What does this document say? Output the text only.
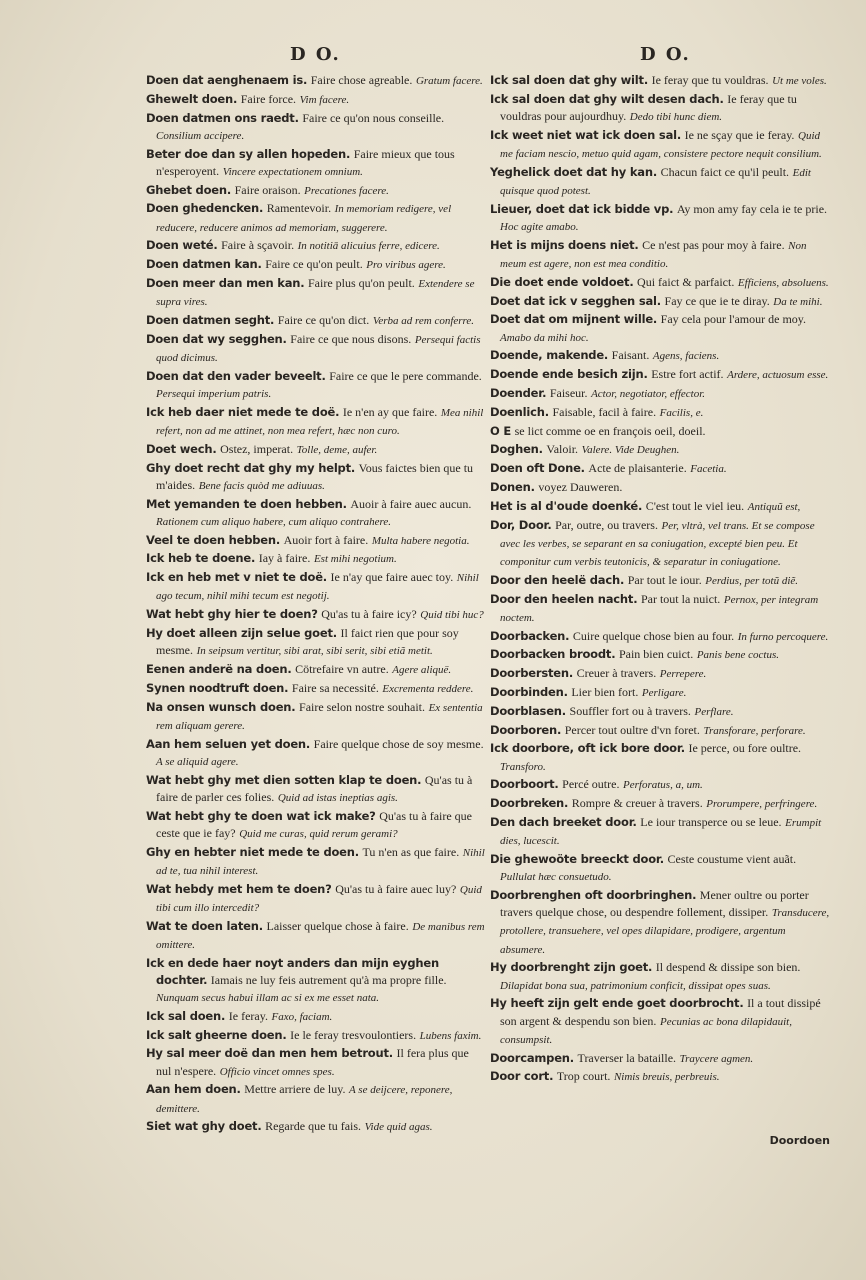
D O.	D O.
Doen dat aenghenaem is. Faire chose agreable. Gratum facere.
Ghewelt doen. Faire force. Vim facere.
Doen datmen ons raedt. Faire ce qu'on nous conseille. Consilium accipere.
Beter doe dan sy allen hopeden. Faire mieux que tous n'esperoyent. Vincere expectationem omnium.
Ghebet doen. Faire oraison. Precationes facere.
Doen ghedencken. Ramentevoir. In memoriam redigere, vel reducere, reducere animos ad memoriam, suggerere.
Doen weté. Faire à sçavoir. In notitiā alicuius ferre, edicere.
Doen datmen kan. Faire ce qu'on peult. Pro viribus agere.
Doen meer dan men kan. Faire plus qu'on peult. Extendere se supra vires.
Doen datmen seght. Faire ce qu'on dict. Verba ad rem conferre.
Doen dat wy segghen. Faire ce que nous disons. Persequi factis quod dicimus.
Doen dat den vader beveelt. Faire ce que le pere commande. Persequi imperium patris.
Ick heb daer niet mede te doë. Ie n'en ay que faire. Mea nihil refert, non ad me attinet, non mea refert, hæc non curo.
Doet wech. Ostez, imperat. Tolle, deme, aufer.
Ghy doet recht dat ghy my helpt. Vous faictes bien que tu m'aides. Bene facis quòd me adiuuas.
Met yemanden te doen hebben. Auoir à faire auec aucun. Rationem cum aliquo habere, cum aliquo contrahere.
Veel te doen hebben. Auoir fort à faire. Multa habere negotia.
Ick heb te doene. Iay à faire. Est mihi negotium.
Ick en heb met v niet te doë. Ie n'ay que faire auec toy. Nihil ago tecum, nihil mihi tecum est negotij.
Wat hebt ghy hier te doen? Qu'as tu à faire icy? Quid tibi huc?
Hy doet alleen zijn selue goet. Il faict rien que pour soy mesme. In seipsum vertitur, sibi arat, sibi serit, sibi etiã metit.
Eenen anderë na doen. Cötrefaire vn autre. Agere aliquë.
Synen noodtruft doen. Faire sa necessité. Excrementa reddere.
Na onsen wunsch doen. Faire selon nostre souhait. Ex sententia rem aliquam gerere.
Aan hem seluen yet doen. Faire quelque chose de soy mesme. A se aliquid agere.
Wat hebt ghy met dien sotten klap te doen. Qu'as tu à faire de parler ces folies. Quid ad istas ineptias agis.
Wat hebt ghy te doen wat ick make? Qu'as tu à faire que ceste que ie fay? Quid me curas, quid rerum gerami?
Ghy en hebter niet mede te doen. Tu n'en as que faire. Nihil ad te, tua nihil interest.
Wat hebdy met hem te doen? Qu'as tu à faire auec luy? Quid tibi cum illo intercedit?
Wat te doen laten. Laisser quelque chose à faire. De manibus rem omittere.
Ick en dede haer noyt anders dan mijn eyghen dochter. Iamais ne luy feis autrement qu'à ma propre fille. Nunquam secus habui illam ac si ex me esset nata.
Ick sal doen. Ie feray. Faxo, faciam.
Ick salt gheerne doen. Ie le feray tresvoulontiers. Lubens faxim.
Hy sal meer doë dan men hem betrout. Il fera plus que nul n'espere. Officio vincet omnes spes.
Aan hem doen. Mettre arriere de luy. A se deijcere, reponere, demittere.
Siet wat ghy doet. Regarde que tu fais. Vide quid agas.
Ick sal doen dat ghy wilt. Ie feray que tu vouldras. Ut me voles.
Ick sal doen dat ghy wilt desen dach. Ie feray que tu vouldras pour aujourdhuy. Dedo tibi hunc diem.
Ick weet niet wat ick doen sal. Ie ne sçay que ie feray. Quid me faciam nescio, metuo quid agam, consistere pectore nequit consilium.
Yeghelick doet dat hy kan. Chacun faict ce qu'il peult. Edit quisque quod potest.
Lieuer, doet dat ick bidde vp. Ay mon amy fay cela ie te prie. Hoc agite amabo.
Het is mijns doens niet. Ce n'est pas pour moy à faire. Non meum est agere, non est mea conditio.
Die doet ende voldoet. Qui faict & parfaict. Efficiens, absoluens.
Doet dat ick v segghen sal. Fay ce que ie te diray. Da te mihi.
Doet dat om mijnent wille. Fay cela pour l'amour de moy. Amabo da mihi hoc.
Doende, makende. Faisant. Agens, faciens.
Doende ende besich zijn. Estre fort actif. Ardere, actuosum esse.
Doender. Faiseur. Actor, negotiator, effector.
Doenlich. Faisable, facil à faire. Facilis, e.
O E se lict comme oe en françois oeil, doeil.
Doghen. Valoir. Valere. Vide Deughen.
Doen oft Done. Acte de plaisanterie. Facetia.
Donen. voyez Dauweren.
Het is al d'oude doenké. C'est tout le viel ieu. Antiquũ est,
Dor, Door. Par, outre, ou travers. Per, vltrà, vel trans. Et se compose avec les verbes, se separant en sa coniugation, excepté bien peu. Et componitur cum verbis teutonicis, & separatur in coniugatione.
Door den heelë dach. Par tout le iour. Perdius, per totũ diẽ.
Door den heelen nacht. Par tout la nuict. Pernox, per integram noctem.
Doorbacken. Cuire quelque chose bien au four. In furno percoquere.
Doorbacken broodt. Pain bien cuict. Panis bene coctus.
Doorbersten. Creuer à travers. Perrepere.
Doorbinden. Lier bien fort. Perligare.
Doorblasen. Souffler fort ou à travers. Perflare.
Doorboren. Percer tout oultre d'vn foret. Transforare, perforare.
Ick doorbore, oft ick bore door. Ie perce, ou fore oultre. Transforo.
Doorboort. Percé outre. Perforatus, a, um.
Doorbreken. Rompre & creuer à travers. Prorumpere, perfringere.
Den dach breeket door. Le iour transperce ou se leue. Erumpit dies, lucescit.
Die ghewoöte breeckt door. Ceste coustume vient auãt. Pullulat hæc consuetudo.
Doorbrenghen oft doorbringhen. Mener oultre ou porter travers quelque chose, ou despendre follement, dissiper. Transducere, protollere, transuehere, vel opes dilapidare, prodigere, argentum absumere.
Hy doorbrenght zijn goet. Il despend & dissipe son bien. Dilapidat bona sua, patrimonium conficit, dissipat opes suas.
Hy heeft zijn gelt ende goet doorbrocht. Il a tout dissipé son argent & despendu son bien. Pecunias ac bona dilapidauit, consumpsit.
Doorcampen. Traverser la bataille. Traycere agmen.
Door cort. Trop court. Nimis breuis, perbreuis.
Doordoen
